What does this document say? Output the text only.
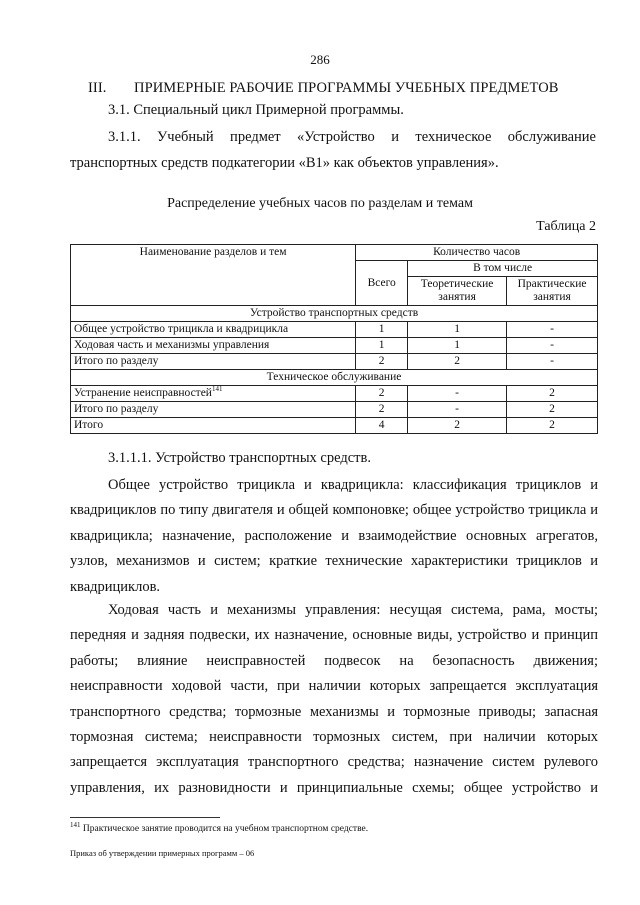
286
III. ПРИМЕРНЫЕ РАБОЧИЕ ПРОГРАММЫ УЧЕБНЫХ ПРЕДМЕТОВ
3.1. Специальный цикл Примерной программы.
3.1.1.   Учебный   предмет   «Устройство   и   техническое   обслуживание
транспортных средств подкатегории «В1» как объектов управления».
Распределение учебных часов по разделам и темам
Таблица 2
Наименование разделов и тем	Количество часов		
	Всего	В том числе	
		Теоретические занятия	Практические занятия
Устройство транспортных средств			
Общее устройство трицикла и квадрицикла	1	1	-
Ходовая часть и механизмы управления	1	1	-
Итого по разделу	2	2	-
Техническое обслуживание			
Устранение неисправностей$^{141}$	2	-	2
Итого по разделу	2	-	2
Итого	4	2	2
3.1.1.1. Устройство транспортных средств.
Общее устройство трицикла и квадрицикла: классификация трициклов и
квадрициклов по типу двигателя и общей компоновке; общее устройство трицикла и
квадрицикла; назначение, расположение и взаимодействие основных агрегатов,
узлов, механизмов и систем; краткие технические характеристики трициклов и
квадрициклов.
Ходовая часть и механизмы управления: несущая система, рама, мосты;
передняя и задняя подвески, их назначение, основные виды, устройство и принцип
работы; влияние неисправностей подвесок на безопасность движения;
неисправности ходовой части, при наличии которых запрещается эксплуатация
транспортного средства; тормозные механизмы и тормозные приводы; запасная
тормозная система; неисправности тормозных систем, при наличии которых
запрещается эксплуатация транспортного средства; назначение систем рулевого
управления, их разновидности и принципиальные схемы; общее устройство и
$^{141}$ Практическое занятие проводится на учебном транспортном средстве.
Приказ об утверждении примерных программ – 06
